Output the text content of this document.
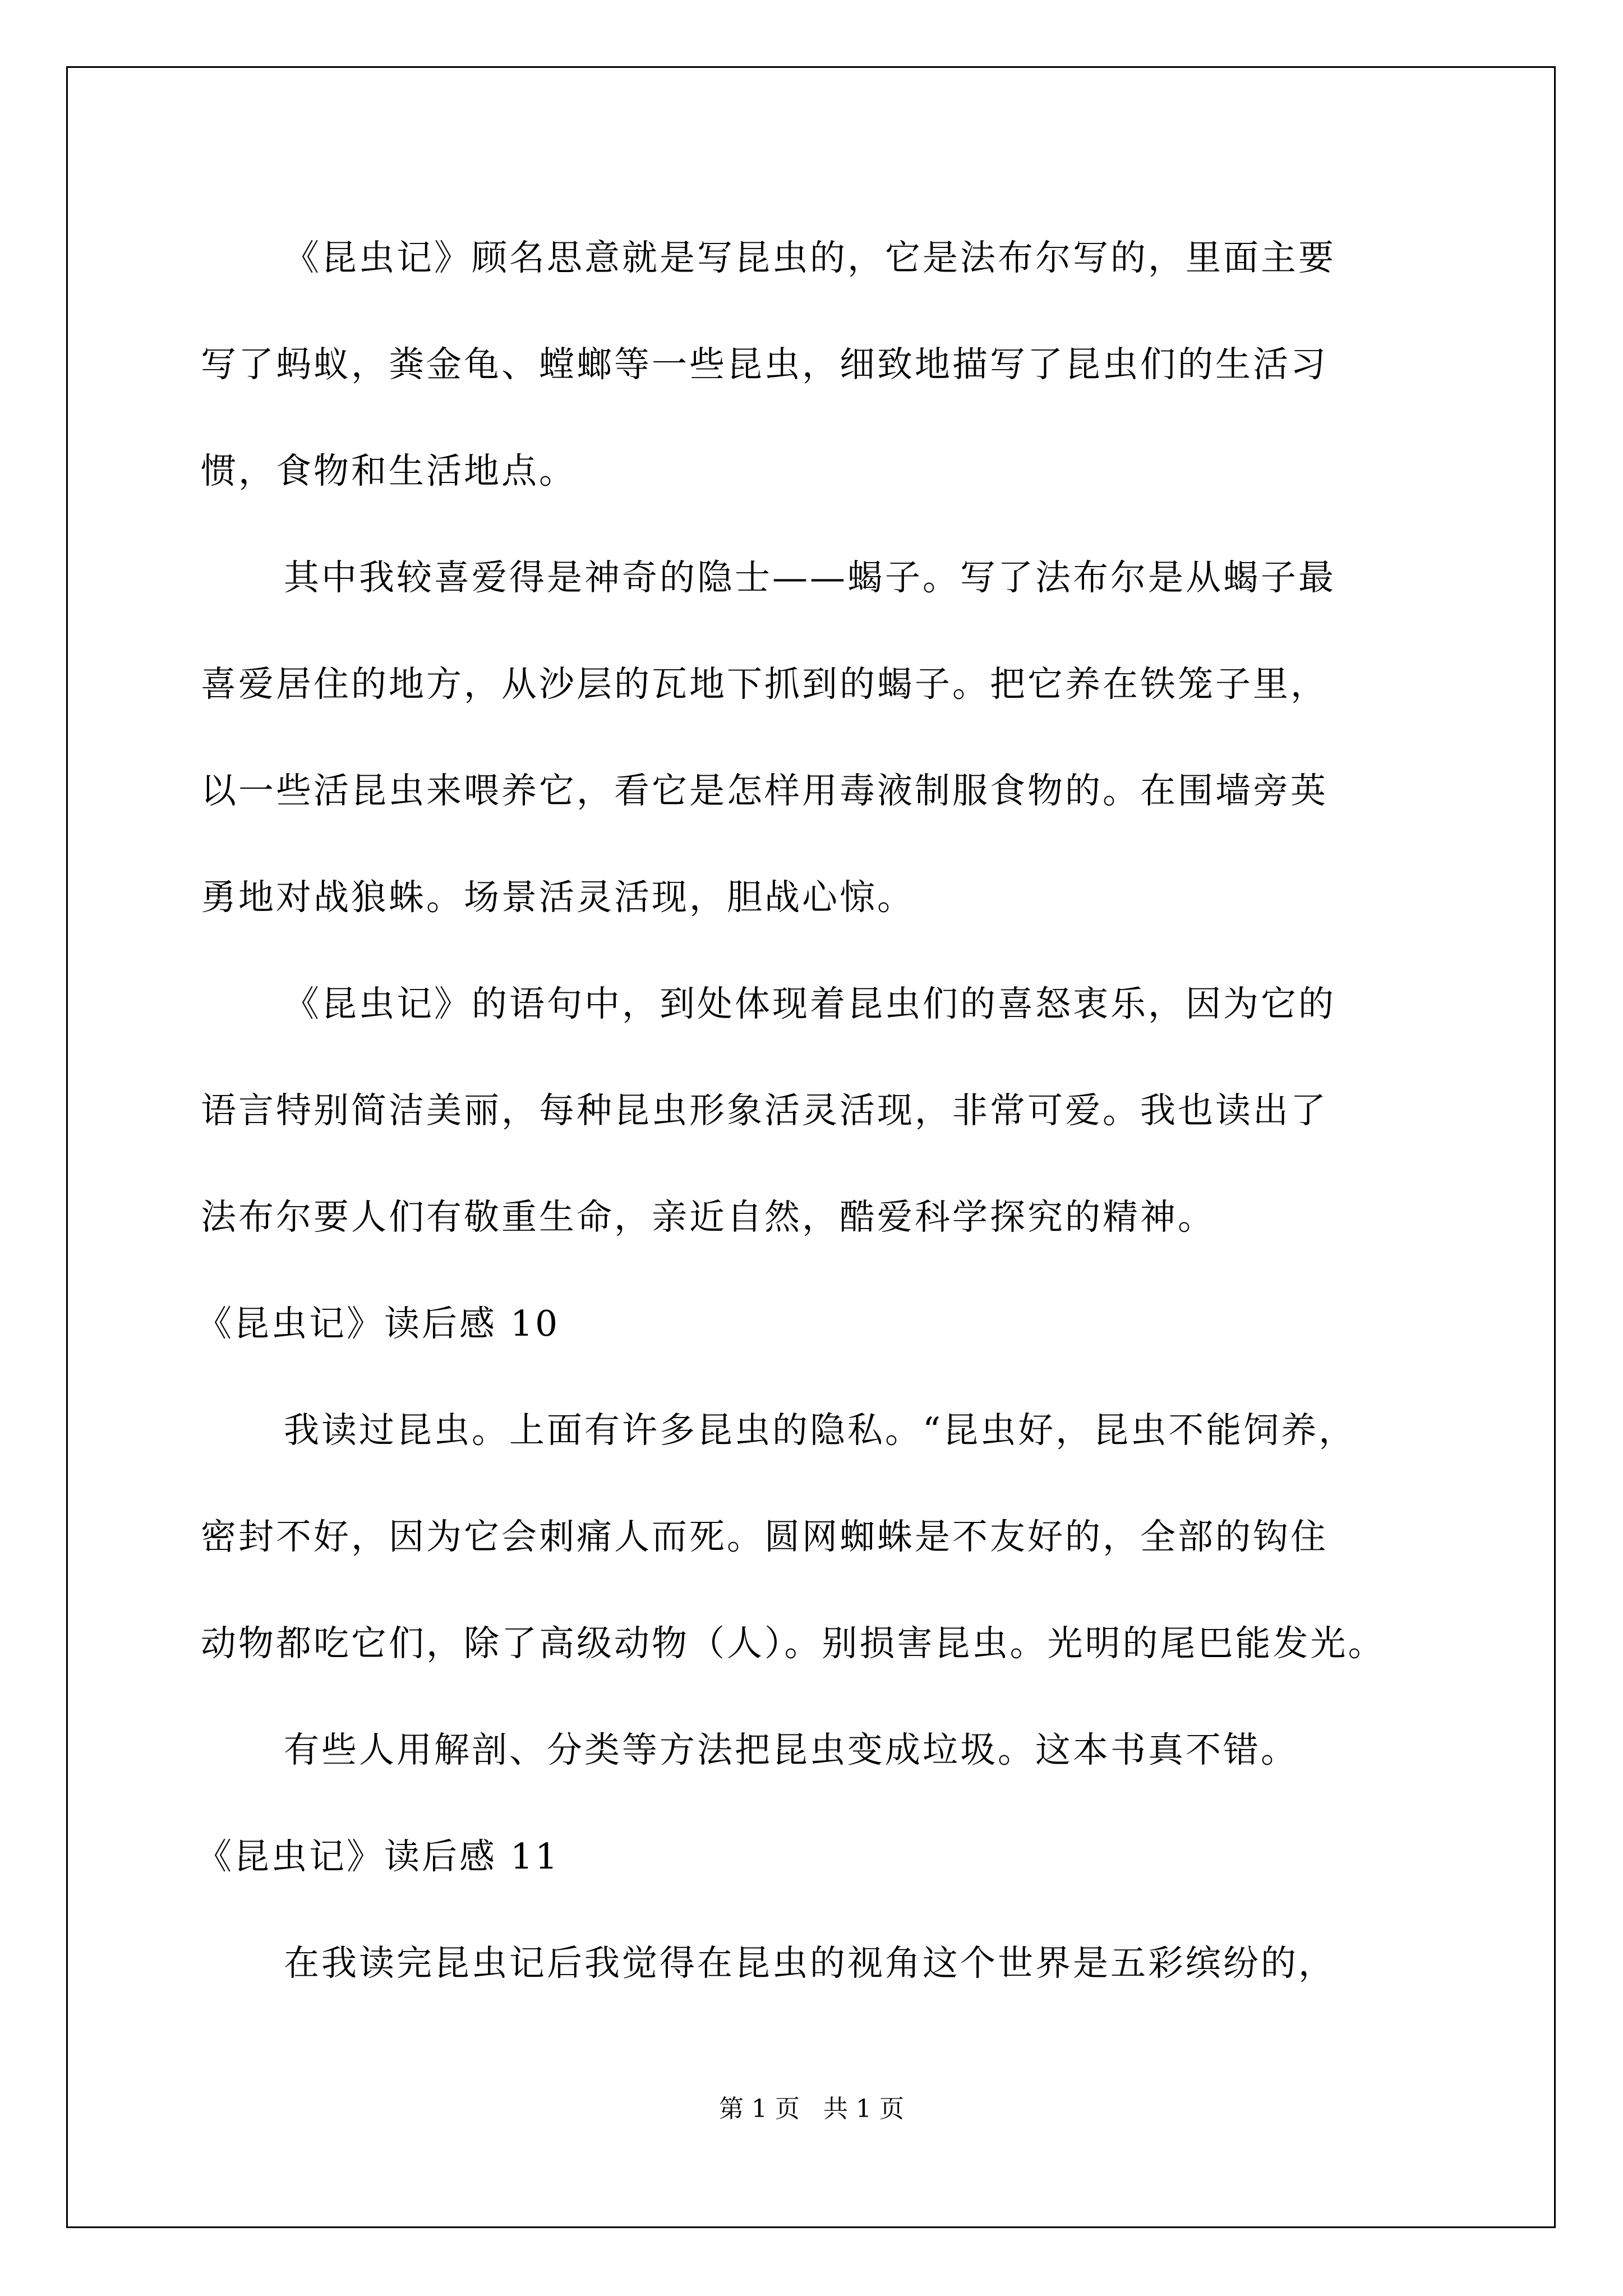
《昆虫记》顾名思意就是写昆虫的，它是法布尔写的，里面主要
写了蚂蚁，粪金龟、螳螂等一些昆虫，细致地描写了昆虫们的生活习
惯，食物和生活地点。
其中我较喜爱得是神奇的隐士——蝎子。写了法布尔是从蝎子最
喜爱居住的地方，从沙层的瓦地下抓到的蝎子。把它养在铁笼子里，
以一些活昆虫来喂养它，看它是怎样用毒液制服食物的。在围墙旁英
勇地对战狼蛛。场景活灵活现，胆战心惊。
《昆虫记》的语句中，到处体现着昆虫们的喜怒衷乐，因为它的
语言特别简洁美丽，每种昆虫形象活灵活现，非常可爱。我也读出了
法布尔要人们有敬重生命，亲近自然，酷爱科学探究的精神。
《昆虫记》读后感 10
我读过昆虫。上面有许多昆虫的隐私。“昆虫好，昆虫不能饲养，
密封不好，因为它会刺痛人而死。圆网蜘蛛是不友好的，全部的钩住
动物都吃它们，除了高级动物（人）。别损害昆虫。光明的尾巴能发光。
有些人用解剖、分类等方法把昆虫变成垃圾。这本书真不错。
《昆虫记》读后感 11
在我读完昆虫记后我觉得在昆虫的视角这个世界是五彩缤纷的，
第 1 页   共 1 页
